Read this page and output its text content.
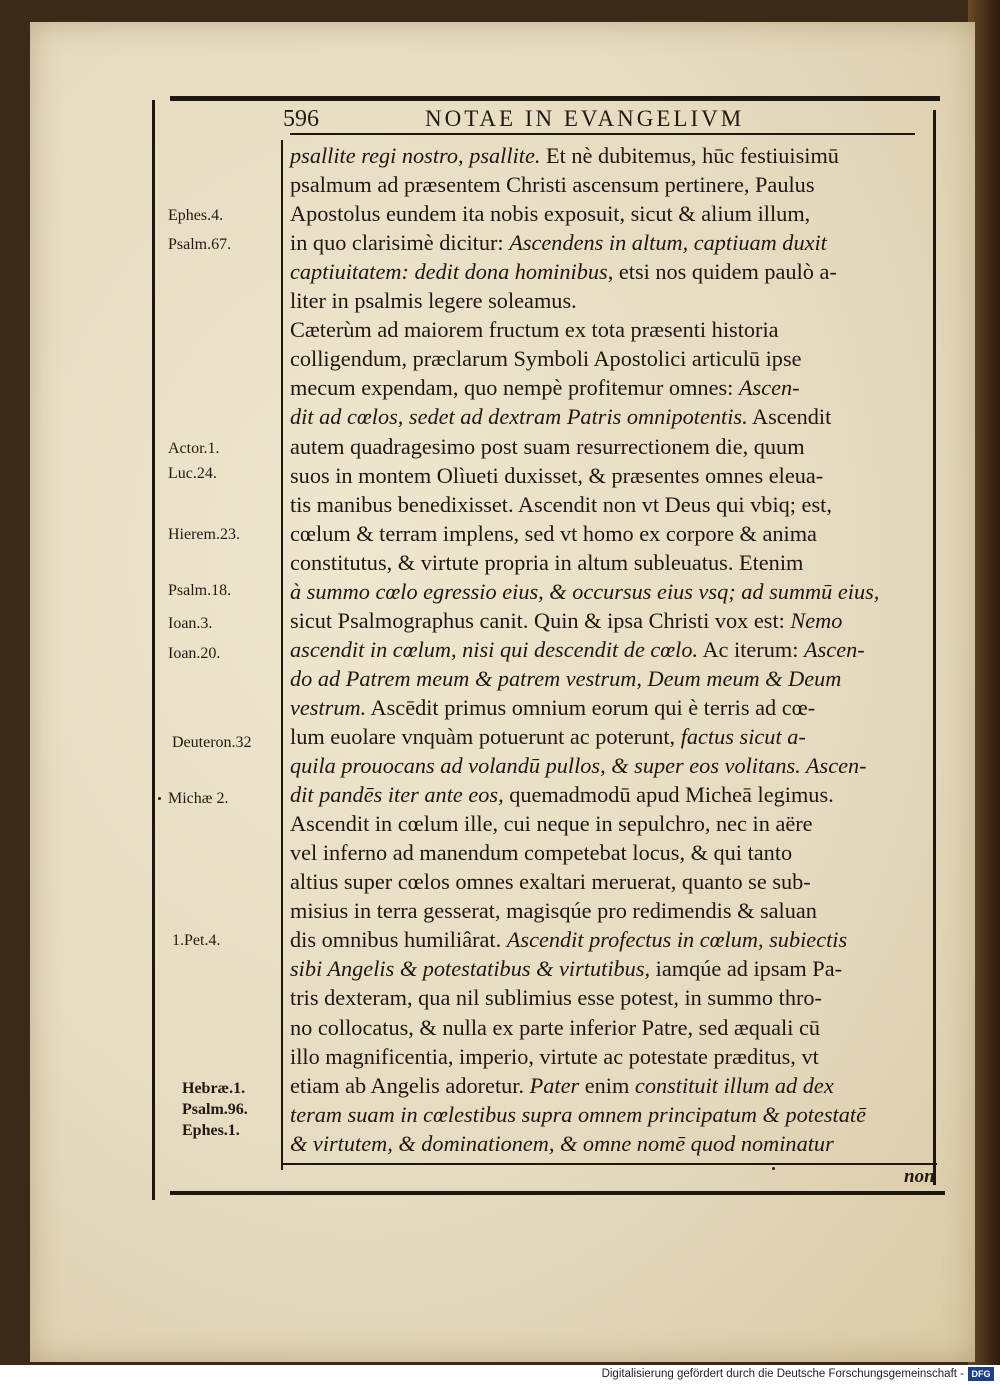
596	NOTAE IN EVANGELIVM
Ephes.4.
Psalm.67.
Actor.1.
Luc.24.
Hierem.23.
Psalm.18.
Ioan.3.
Ioan.20.
Deuteron.32
Michæ 2.
1.Pet.4.
Hebræ.1.
Psalm.96.
Ephes.1.
psallite regi nostro, psallite. Et nè dubitemus, hūc festiuisimū
psalmum ad præsentem Christi ascensum pertinere, Paulus
Apostolus eundem ita nobis exposuit, sicut & alium illum,
in quo clarisimè dicitur: Ascendens in altum, captiuam duxit
captiuitatem: dedit dona hominibus, etsi nos quidem paulò a-
liter in psalmis legere soleamus.
Cæterùm ad maiorem fructum ex tota præsenti historia
colligendum, præclarum Symboli Apostolici articulū ipse
mecum expendam, quo nempè profitemur omnes: Ascen-
dit ad cœlos, sedet ad dextram Patris omnipotentis. Ascendit
autem quadragesimo post suam resurrectionem die, quum
suos in montem Olìueti duxisset, & præsentes omnes eleua-
tis manibus benedixisset. Ascendit non vt Deus qui vbiq; est,
cœlum & terram implens, sed vt homo ex corpore & anima
constitutus, & virtute propria in altum subleuatus. Etenim
à summo cœlo egressio eius, & occursus eius vsq; ad summū eius,
sicut Psalmographus canit. Quin & ipsa Christi vox est: Nemo
ascendit in cœlum, nisi qui descendit de cœlo. Ac iterum: Ascen-
do ad Patrem meum & patrem vestrum, Deum meum & Deum
vestrum. Ascēdit primus omnium eorum qui è terris ad cœ-
lum euolare vnquàm potuerunt ac poterunt, factus sicut a-
quila prouocans ad volandū pullos, & super eos volitans. Ascen-
dit pandēs iter ante eos, quemadmodū apud Micheā legimus.
Ascendit in cœlum ille, cui neque in sepulchro, nec in aëre
vel inferno ad manendum competebat locus, & qui tanto
altius super cœlos omnes exaltari meruerat, quanto se sub-
misius in terra gesserat, magisqúe pro redimendis & saluan
dis omnibus humiliârat. Ascendit profectus in cœlum, subiectis
sibi Angelis & potestatibus & virtutibus, iamqúe ad ipsam Pa-
tris dexteram, qua nil sublimius esse potest, in summo thro-
no collocatus, & nulla ex parte inferior Patre, sed æquali cū
illo magnificentia, imperio, virtute ac potestate præditus, vt
etiam ab Angelis adoretur. Pater enim constituit illum ad dex
teram suam in cœlestibus supra omnem principatum & potestatē
& virtutem, & dominationem, & omne nomē quod nominatur
non
Digitalisierung gefördert durch die Deutsche Forschungsgemeinschaft - DFG
